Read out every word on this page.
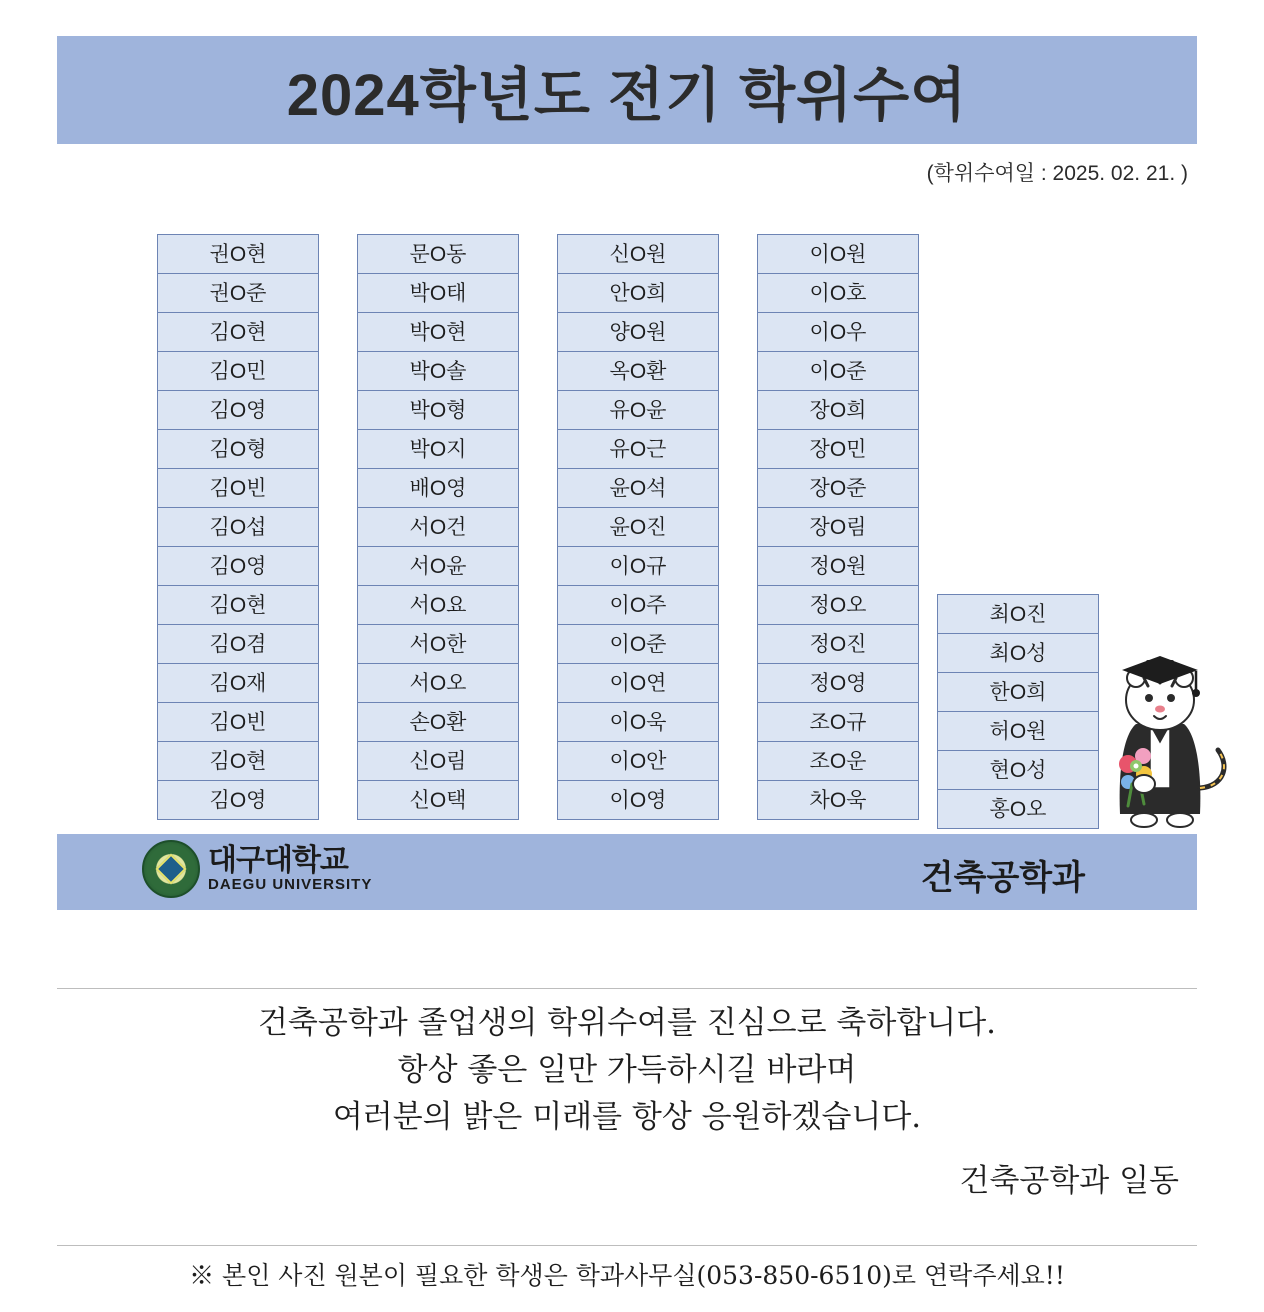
2024학년도 전기 학위수여
(학위수여일 : 2025. 02. 21. )
권O현
권O준
김O현
김O민
김O영
김O형
김O빈
김O섭
김O영
김O현
김O겸
김O재
김O빈
김O현
김O영
문O동
박O태
박O현
박O솔
박O형
박O지
배O영
서O건
서O윤
서O요
서O한
서O오
손O환
신O림
신O택
신O원
안O희
양O원
옥O환
유O윤
유O근
윤O석
윤O진
이O규
이O주
이O준
이O연
이O욱
이O안
이O영
이O원
이O호
이O우
이O준
장O희
장O민
장O준
장O림
정O원
정O오
정O진
정O영
조O규
조O운
차O욱
최O진
최O성
한O희
허O원
현O성
홍O오
대구대학교
DAEGU UNIVERSITY	건축공학과
건축공학과 졸업생의 학위수여를 진심으로 축하합니다.
항상 좋은 일만 가득하시길 바라며
여러분의 밝은 미래를 항상 응원하겠습니다.
건축공학과 일동
※ 본인 사진 원본이 필요한 학생은 학과사무실(053-850-6510)로 연락주세요!!
